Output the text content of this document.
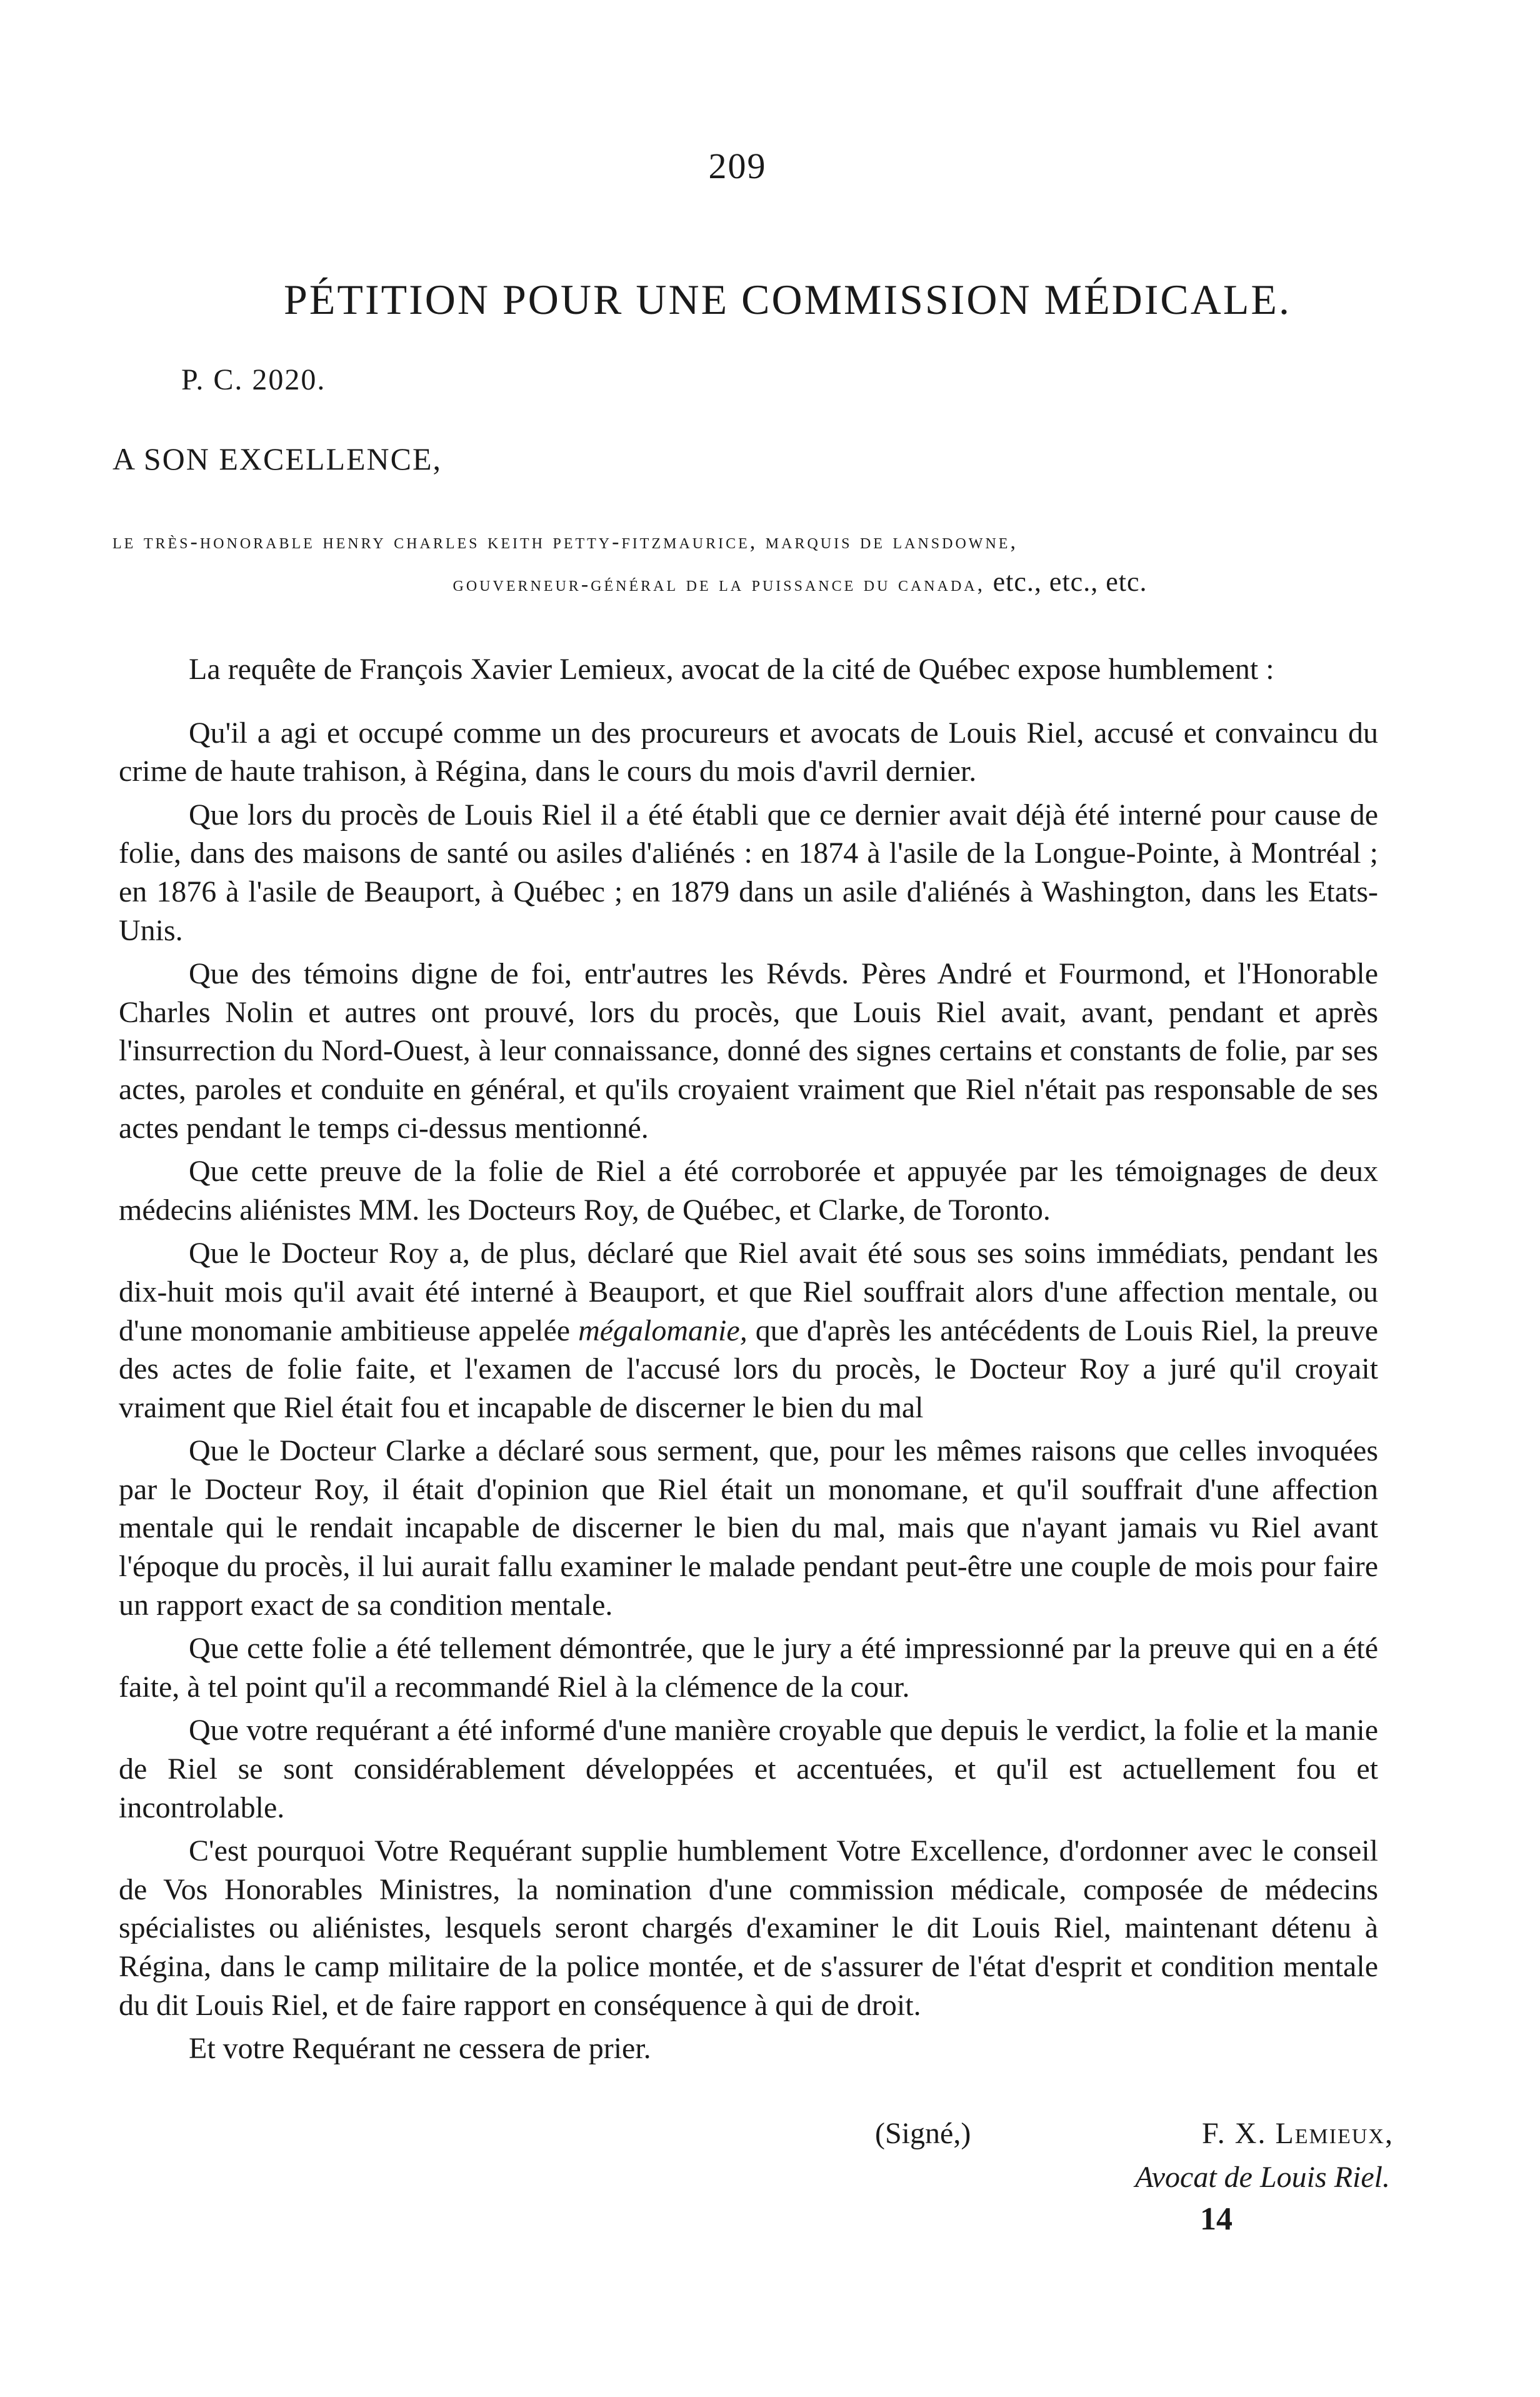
209
PÉTITION POUR UNE COMMISSION MÉDICALE.
P. C. 2020.
A SON EXCELLENCE,
le très-honorable henry charles keith petty-fitzmaurice, marquis de lansdowne,
gouverneur-général de la puissance du canada, etc., etc., etc.

La requête de François Xavier Lemieux, avocat de la cité de Québec expose humblement :

Qu'il a agi et occupé comme un des procureurs et avocats de Louis Riel, accusé et convaincu du crime de haute trahison, à Régina, dans le cours du mois d'avril dernier.

Que lors du procès de Louis Riel il a été établi que ce dernier avait déjà été interné pour cause de folie, dans des maisons de santé ou asiles d'aliénés : en 1874 à l'asile de la Longue-Pointe, à Montréal ; en 1876 à l'asile de Beauport, à Québec ; en 1879 dans un asile d'aliénés à Washington, dans les Etats-Unis.

Que des témoins digne de foi, entr'autres les Révds. Pères André et Fourmond, et l'Honorable Charles Nolin et autres ont prouvé, lors du procès, que Louis Riel avait, avant, pendant et après l'insurrection du Nord-Ouest, à leur connaissance, donné des signes certains et constants de folie, par ses actes, paroles et conduite en général, et qu'ils croyaient vraiment que Riel n'était pas responsable de ses actes pendant le temps ci-dessus mentionné.

Que cette preuve de la folie de Riel a été corroborée et appuyée par les témoignages de deux médecins aliénistes MM. les Docteurs Roy, de Québec, et Clarke, de Toronto.

Que le Docteur Roy a, de plus, déclaré que Riel avait été sous ses soins immédiats, pendant les dix-huit mois qu'il avait été interné à Beauport, et que Riel souffrait alors d'une affection mentale, ou d'une monomanie ambitieuse appelée mégalomanie, que d'après les antécédents de Louis Riel, la preuve des actes de folie faite, et l'examen de l'accusé lors du procès, le Docteur Roy a juré qu'il croyait vraiment que Riel était fou et incapable de discerner le bien du mal

Que le Docteur Clarke a déclaré sous serment, que, pour les mêmes raisons que celles invoquées par le Docteur Roy, il était d'opinion que Riel était un monomane, et qu'il souffrait d'une affection mentale qui le rendait incapable de discerner le bien du mal, mais que n'ayant jamais vu Riel avant l'époque du procès, il lui aurait fallu examiner le malade pendant peut-être une couple de mois pour faire un rapport exact de sa condition mentale.

Que cette folie a été tellement démontrée, que le jury a été impressionné par la preuve qui en a été faite, à tel point qu'il a recommandé Riel à la clémence de la cour.

Que votre requérant a été informé d'une manière croyable que depuis le verdict, la folie et la manie de Riel se sont considérablement développées et accentuées, et qu'il est actuellement fou et incontrolable.

C'est pourquoi Votre Requérant supplie humblement Votre Excellence, d'ordonner avec le conseil de Vos Honorables Ministres, la nomination d'une commission médicale, composée de médecins spécialistes ou aliénistes, lesquels seront chargés d'examiner le dit Louis Riel, maintenant détenu à Régina, dans le camp militaire de la police montée, et de s'assurer de l'état d'esprit et condition mentale du dit Louis Riel, et de faire rapport en conséquence à qui de droit.

Et votre Requérant ne cessera de prier.

(Signé,)	F. X. Lemieux,
Avocat de Louis Riel.
14
